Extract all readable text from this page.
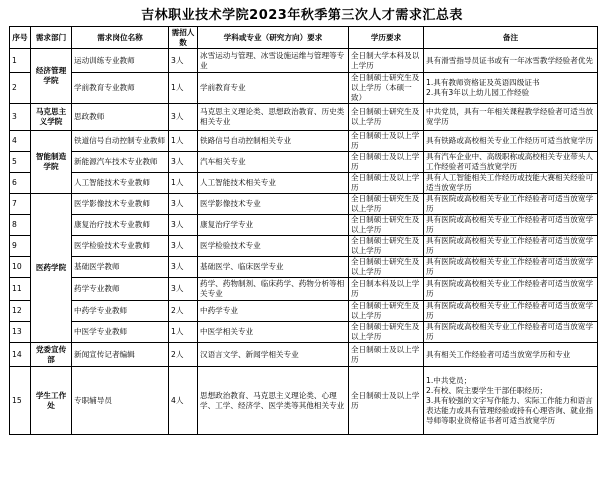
吉林职业技术学院2023年秋季第三次人才需求汇总表
序号	需求部门	需求岗位名称	需招人数	学科或专业（研究方向）要求	学历要求	备注
1	经济管理学院	运动训练专业教师	3人	冰雪运动与管理、冰雪设施运维与管理等专业	全日制大学本科及以上学历	具有滑雪指导员证书或有一年冰雪教学经验者优先
2		学前教育专业教师	1人	学前教育专业	全日制硕士研究生及以上学历（本硕一致）	1.具有教师资格证及英语四级证书
2.具有3年以上幼儿园工作经验
3	马克思主义学院	思政教师	3人	马克思主义理论类、思想政治教育、历史类相关专业	全日制硕士研究生及以上学历	中共党员，具有一年相关课程教学经验者可适当放宽学历
4	智能制造学院	铁道信号自动控制专业教师	1人	铁路信号自动控制相关专业	全日制硕士及以上学历	具有铁路或高校相关专业工作经历可适当放宽学历
5		新能源汽车技术专业教师	3人	汽车相关专业	全日制硕士及以上学历	具有汽车企业中、高级职称或高校相关专业带头人工作经验者可适当放宽学历
6		人工智能技术专业教师	1人	人工智能技术相关专业	全日制硕士及以上学历	具有人工智能相关工作经历或技能大赛相关经验可适当放宽学历
7	医药学院	医学影像技术专业教师	3人	医学影像技术专业	全日制硕士研究生及以上学历	具有医院或高校相关专业工作经验者可适当放宽学历
8		康复治疗技术专业教师	3人	康复治疗学专业	全日制硕士研究生及以上学历	具有医院或高校相关专业工作经验者可适当放宽学历
9		医学检验技术专业教师	3人	医学检验技术专业	全日制硕士研究生及以上学历	具有医院或高校相关专业工作经验者可适当放宽学历
10		基础医学教师	3人	基础医学、临床医学专业	全日制硕士研究生及以上学历	具有医院或高校相关专业工作经验者可适当放宽学历
11		药学专业教师	3人	药学、药物制剂、临床药学、药物分析等相关专业	全日制本科及以上学历	具有医院或高校相关专业工作经验者可适当放宽学历
12		中药学专业教师	2人	中药学专业	全日制硕士研究生及以上学历	具有医院或高校相关专业工作经验者可适当放宽学历
13		中医学专业教师	1人	中医学相关专业	全日制硕士研究生及以上学历	具有医院或高校相关专业工作经验者可适当放宽学历
14	党委宣传部	新闻宣传记者编辑	2人	汉语言文学、新闻学相关专业	全日制硕士及以上学历	具有相关工作经验者可适当放宽学历和专业
15	学生工作处	专职辅导员	4人	思想政治教育、马克思主义理论类、心理学、工学、经济学、医学类等其他相关专业	全日制硕士及以上学历	1.中共党员；
2.有校、院主要学生干部任职经历；
3.具有较强的文字写作能力、实际工作能力和语言表达能力或具有管理经验或持有心理咨询、就业指导师等职业资格证书者可适当放宽学历
